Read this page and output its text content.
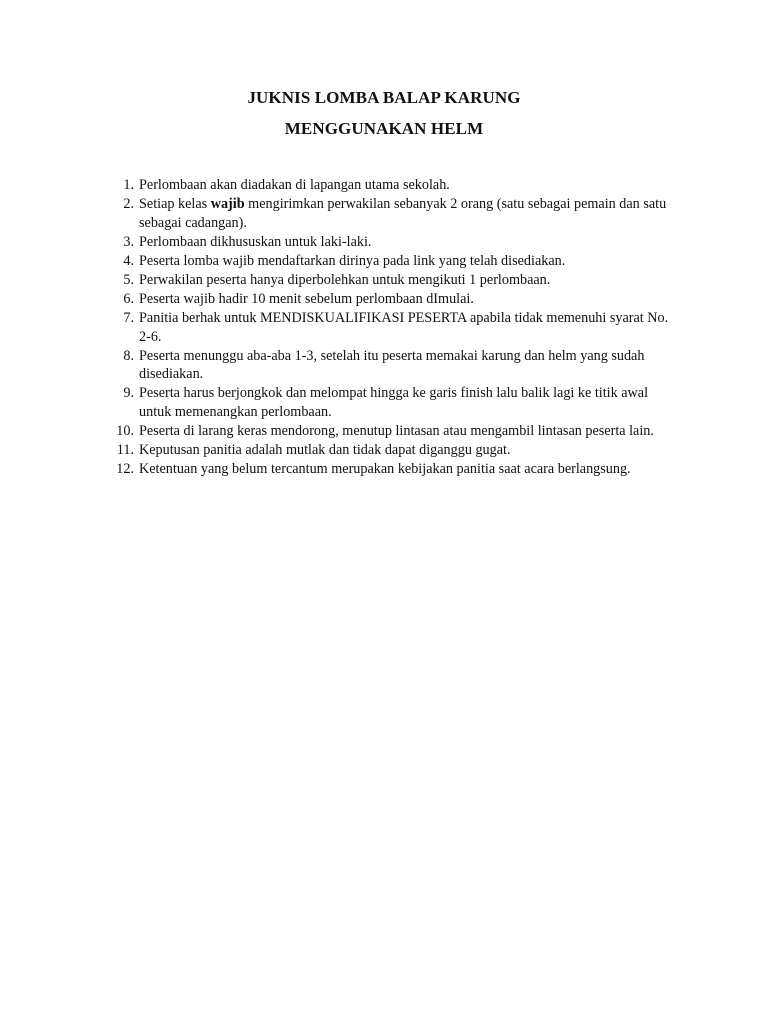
JUKNIS LOMBA BALAP KARUNG
MENGGUNAKAN HELM
1. Perlombaan akan diadakan di lapangan utama sekolah.
2. Setiap kelas wajib mengirimkan perwakilan sebanyak 2 orang (satu sebagai pemain dan satu sebagai cadangan).
3. Perlombaan dikhususkan untuk laki-laki.
4. Peserta lomba wajib mendaftarkan dirinya pada link yang telah disediakan.
5. Perwakilan peserta hanya diperbolehkan untuk mengikuti 1 perlombaan.
6. Peserta wajib hadir 10 menit sebelum perlombaan dImulai.
7. Panitia berhak untuk MENDISKUALIFIKASI PESERTA apabila tidak memenuhi syarat No. 2-6.
8. Peserta menunggu aba-aba 1-3, setelah itu peserta memakai karung dan helm yang sudah disediakan.
9. Peserta harus berjongkok dan melompat hingga ke garis finish lalu balik lagi ke titik awal untuk memenangkan perlombaan.
10. Peserta di larang keras mendorong, menutup lintasan atau mengambil lintasan peserta lain.
11. Keputusan panitia adalah mutlak dan tidak dapat diganggu gugat.
12. Ketentuan yang belum tercantum merupakan kebijakan panitia saat acara berlangsung.
